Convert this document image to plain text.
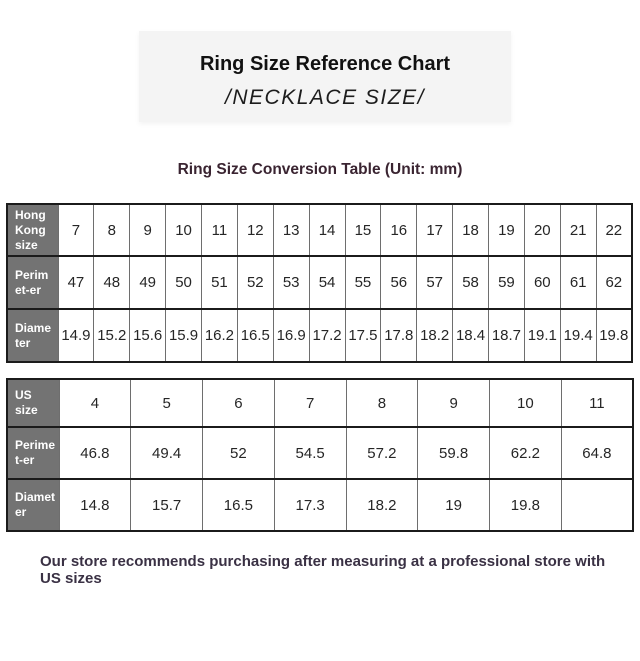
Ring Size Reference Chart
/NECKLACE SIZE/
Ring Size Conversion Table (Unit: mm)
Hong Kong size	7	8	9	10	11	12	13	14	15	16	17	18	19	20	21	22
Perimet-er	47	48	49	50	51	52	53	54	55	56	57	58	59	60	61	62
Diameter	14.9	15.2	15.6	15.9	16.2	16.5	16.9	17.2	17.5	17.8	18.2	18.4	18.7	19.1	19.4	19.8
US size	4	5	6	7	8	9	10	11
Perimet-er	46.8	49.4	52	54.5	57.2	59.8	62.2	64.8
Diameter	14.8	15.7	16.5	17.3	18.2	19	19.8	
Our store recommends purchasing after measuring at a professional store with US sizes
